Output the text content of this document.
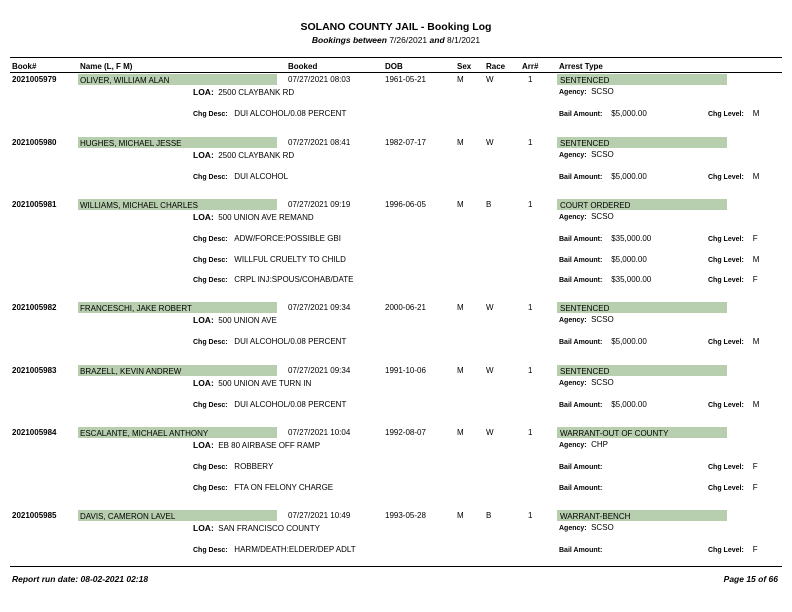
SOLANO COUNTY JAIL - Booking Log
Bookings between 7/26/2021 and 8/1/2021
Book#	Name (L, F M)	Booked	DOB	Sex Race Arr#	Arrest Type
2021005979	OLIVER, WILLIAM ALAN	07/27/2021 08:03	1961-05-21	M	W	1	SENTENCED
LOA: 2500 CLAYBANK RD	Agency: SCSO
Chg Desc: DUI ALCOHOL/0.08 PERCENT	Bail Amount: $5,000.00	Chg Level: M
2021005980	HUGHES, MICHAEL JESSE	07/27/2021 08:41	1982-07-17	M	W	1	SENTENCED
LOA: 2500 CLAYBANK RD	Agency: SCSO
Chg Desc: DUI ALCOHOL	Bail Amount: $5,000.00	Chg Level: M
2021005981	WILLIAMS, MICHAEL CHARLES	07/27/2021 09:19	1996-06-05	M	B	1	COURT ORDERED
LOA: 500 UNION AVE REMAND	Agency: SCSO
Chg Desc: ADW/FORCE:POSSIBLE GBI	Bail Amount: $35,000.00	Chg Level: F
Chg Desc: WILLFUL CRUELTY TO CHILD	Bail Amount: $5,000.00	Chg Level: M
Chg Desc: CRPL INJ:SPOUS/COHAB/DATE	Bail Amount: $35,000.00	Chg Level: F
2021005982	FRANCESCHI, JAKE ROBERT	07/27/2021 09:34	2000-06-21	M	W	1	SENTENCED
LOA: 500 UNION AVE	Agency: SCSO
Chg Desc: DUI ALCOHOL/0.08 PERCENT	Bail Amount: $5,000.00	Chg Level: M
2021005983	BRAZELL, KEVIN ANDREW	07/27/2021 09:34	1991-10-06	M	W	1	SENTENCED
LOA: 500 UNION AVE TURN IN	Agency: SCSO
Chg Desc: DUI ALCOHOL/0.08 PERCENT	Bail Amount: $5,000.00	Chg Level: M
2021005984	ESCALANTE, MICHAEL ANTHONY	07/27/2021 10:04	1992-08-07	M	W	1	WARRANT-OUT OF COUNTY
LOA: EB 80 AIRBASE OFF RAMP	Agency: CHP
Chg Desc: ROBBERY	Bail Amount:	Chg Level: F
Chg Desc: FTA ON FELONY CHARGE	Bail Amount:	Chg Level: F
2021005985	DAVIS, CAMERON LAVEL	07/27/2021 10:49	1993-05-28	M	B	1	WARRANT-BENCH
LOA: SAN FRANCISCO COUNTY	Agency: SCSO
Chg Desc: HARM/DEATH:ELDER/DEP ADLT	Bail Amount:	Chg Level: F
Report run date: 08-02-2021 02:18	Page 15 of 66
